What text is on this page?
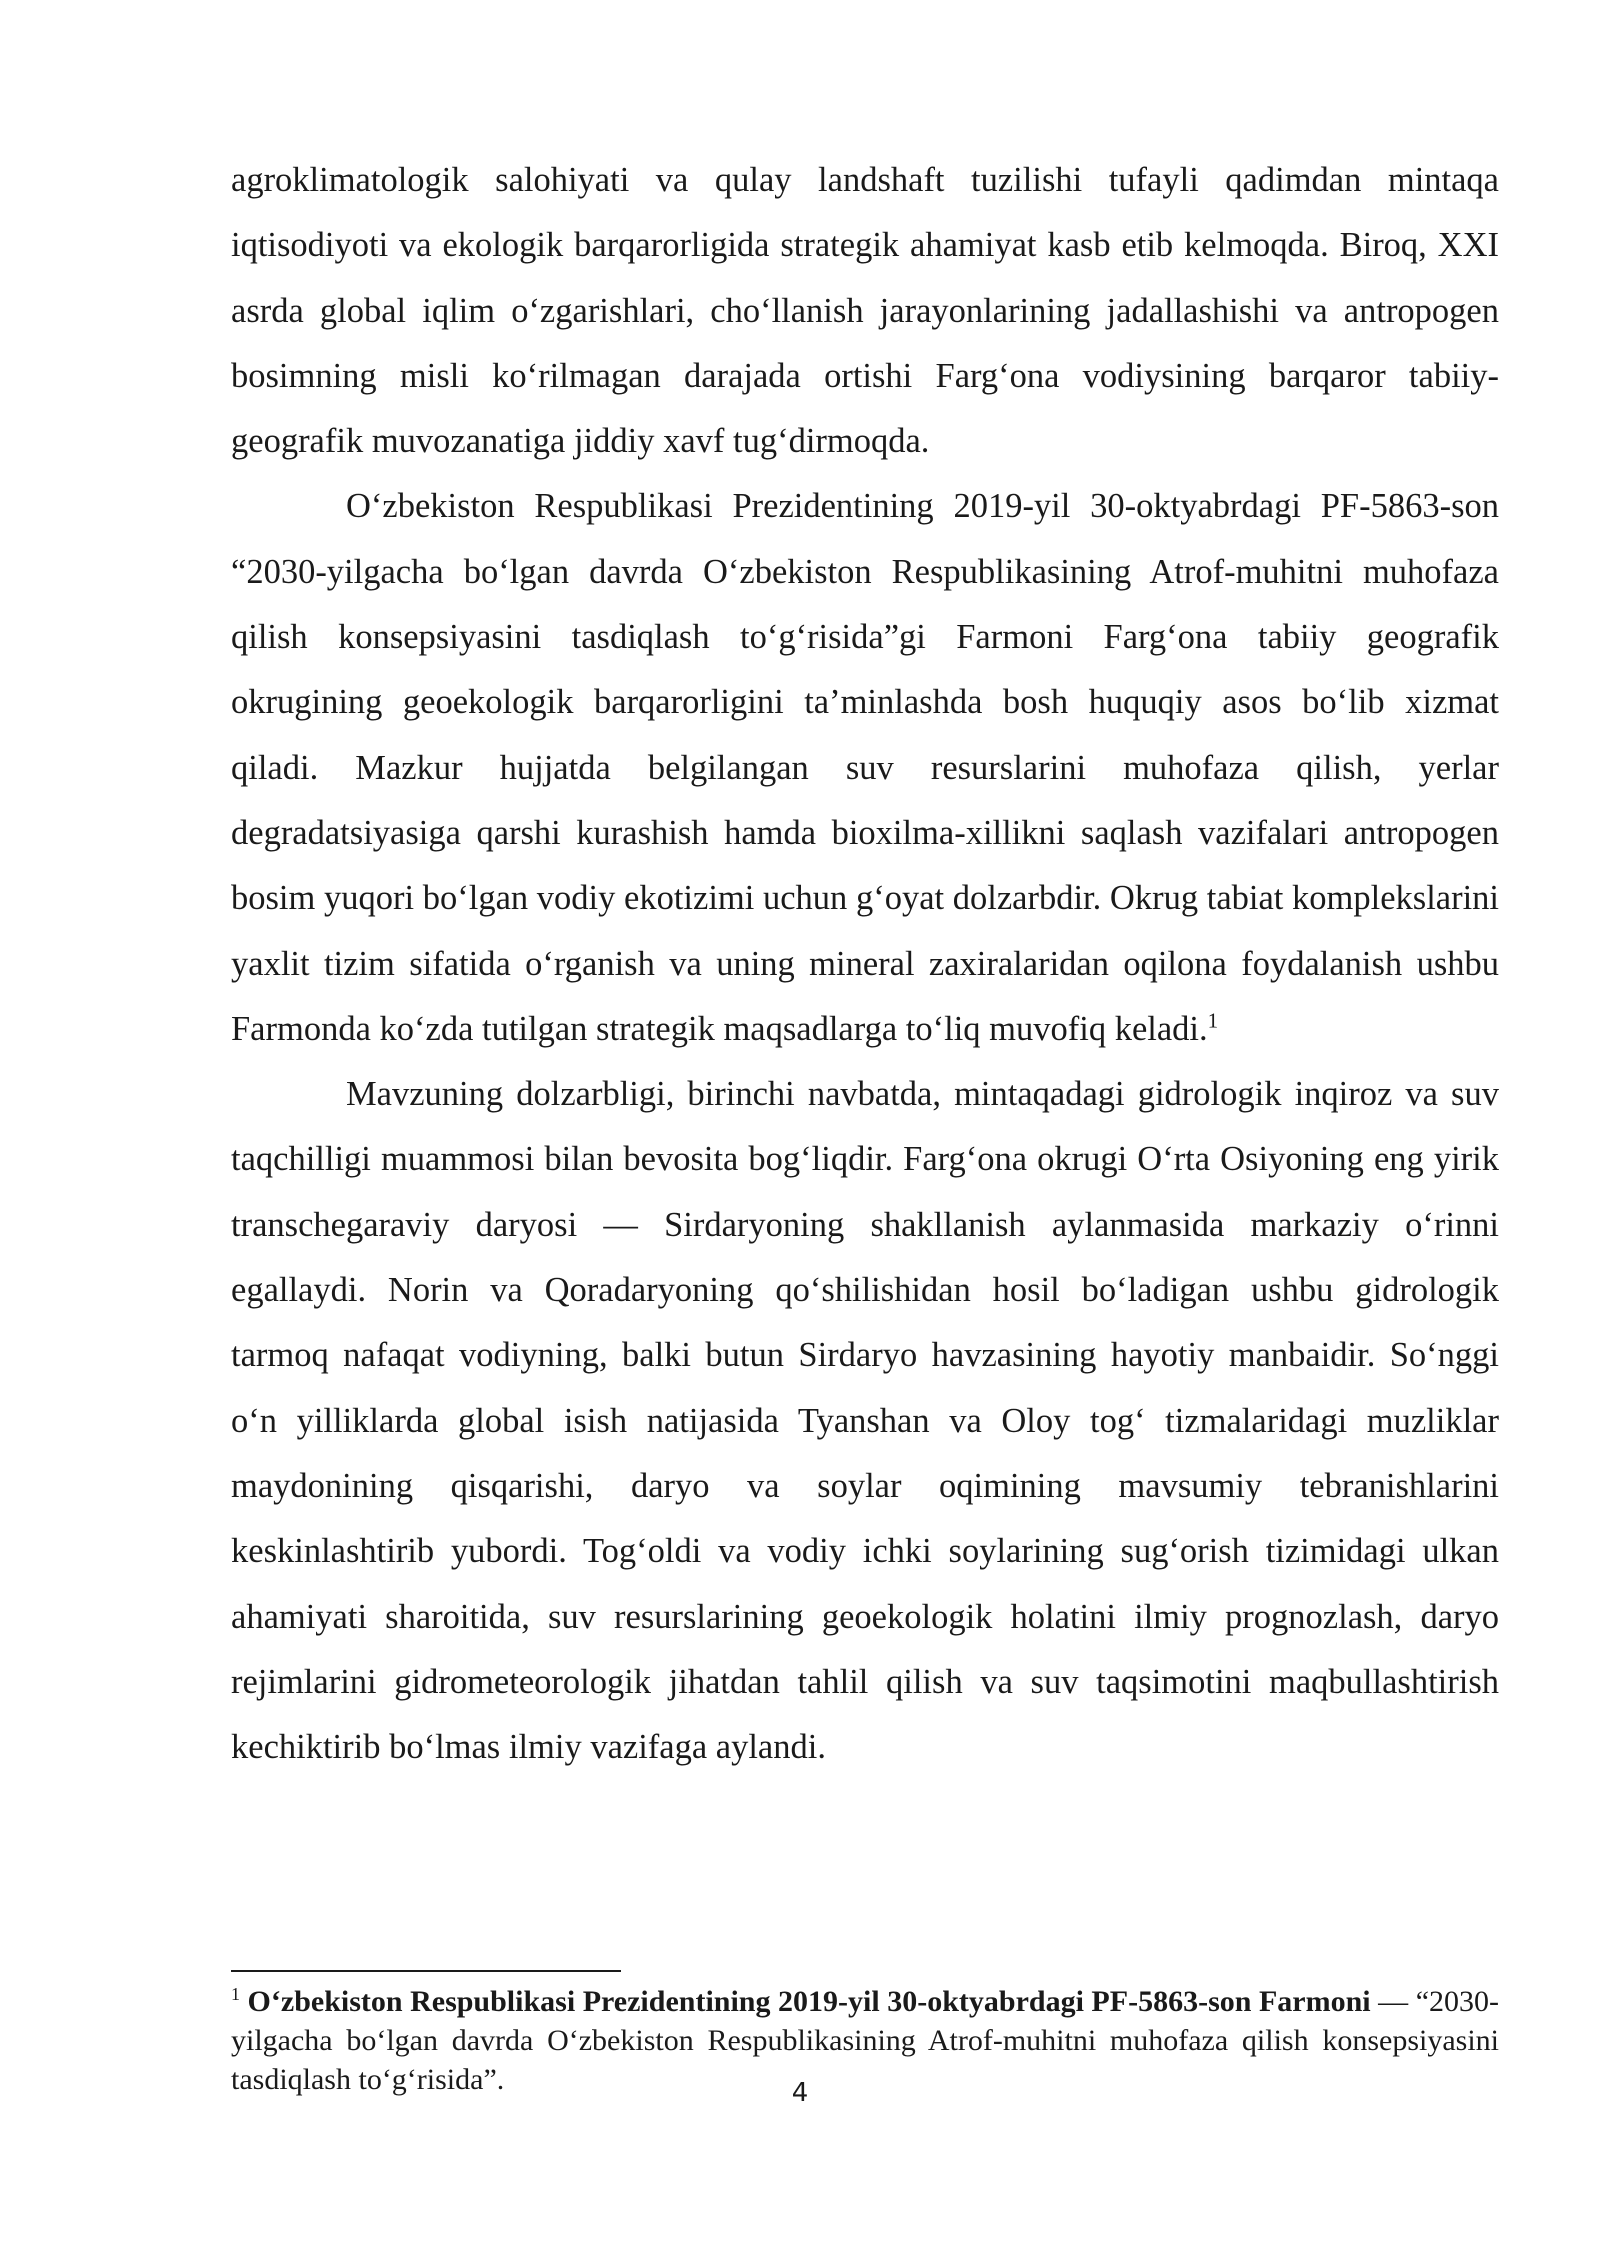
agroklimatologik salohiyati va qulay landshaft tuzilishi tufayli qadimdan mintaqa iqtisodiyoti va ekologik barqarorligida strategik ahamiyat kasb etib kelmoqda. Biroq, XXI asrda global iqlim o‘zgarishlari, cho‘llanish jarayonlarining jadallashishi va antropogen bosimning misli ko‘rilmagan darajada ortishi Farg‘ona vodiysining barqaror tabiiy-geografik muvozanatiga jiddiy xavf tug‘dirmoqda.

O‘zbekiston Respublikasi Prezidentining 2019-yil 30-oktyabrdagi PF-5863-son “2030-yilgacha bo‘lgan davrda O‘zbekiston Respublikasining Atrof-muhitni muhofaza qilish konsepsiyasini tasdiqlash to‘g‘risida”gi Farmoni Farg‘ona tabiiy geografik okrugining geoekologik barqarorligini ta’minlashda bosh huquqiy asos bo‘lib xizmat qiladi. Mazkur hujjatda belgilangan suv resurslarini muhofaza qilish, yerlar degradatsiyasiga qarshi kurashish hamda bioxilma-xillikni saqlash vazifalari antropogen bosim yuqori bo‘lgan vodiy ekotizimi uchun g‘oyat dolzarbdir. Okrug tabiat komplekslarini yaxlit tizim sifatida o‘rganish va uning mineral zaxiralaridan oqilona foydalanish ushbu Farmonda ko‘zda tutilgan strategik maqsadlarga to‘liq muvofiq keladi.$^1$

Mavzuning dolzarbligi, birinchi navbatda, mintaqadagi gidrologik inqiroz va suv taqchilligi muammosi bilan bevosita bog‘liqdir. Farg‘ona okrugi O‘rta Osiyoning eng yirik transchegaraviy daryosi — Sirdaryoning shakllanish aylanmasida markaziy o‘rinni egallaydi. Norin va Qoradaryoning qo‘shilishidan hosil bo‘ladigan ushbu gidrologik tarmoq nafaqat vodiyning, balki butun Sirdaryo havzasining hayotiy manbaidir. So‘nggi o‘n yilliklarda global isish natijasida Tyanshan va Oloy tog‘ tizmalaridagi muzliklar maydonining qisqarishi, daryo va soylar oqimining mavsumiy tebranishlarini keskinlashtirib yubordi. Tog‘oldi va vodiy ichki soylarining sug‘orish tizimidagi ulkan ahamiyati sharoitida, suv resurslarining geoekologik holatini ilmiy prognozlash, daryo rejimlarini gidrometeorologik jihatdan tahlil qilish va suv taqsimotini maqbullashtirish kechiktirib bo‘lmas ilmiy vazifaga aylandi.

$^1$ O‘zbekiston Respublikasi Prezidentining 2019-yil 30-oktyabrdagi PF-5863-son Farmoni — “2030-yilgacha bo‘lgan davrda O‘zbekiston Respublikasining Atrof-muhitni muhofaza qilish konsepsiyasini tasdiqlash to‘g‘risida”.	4
